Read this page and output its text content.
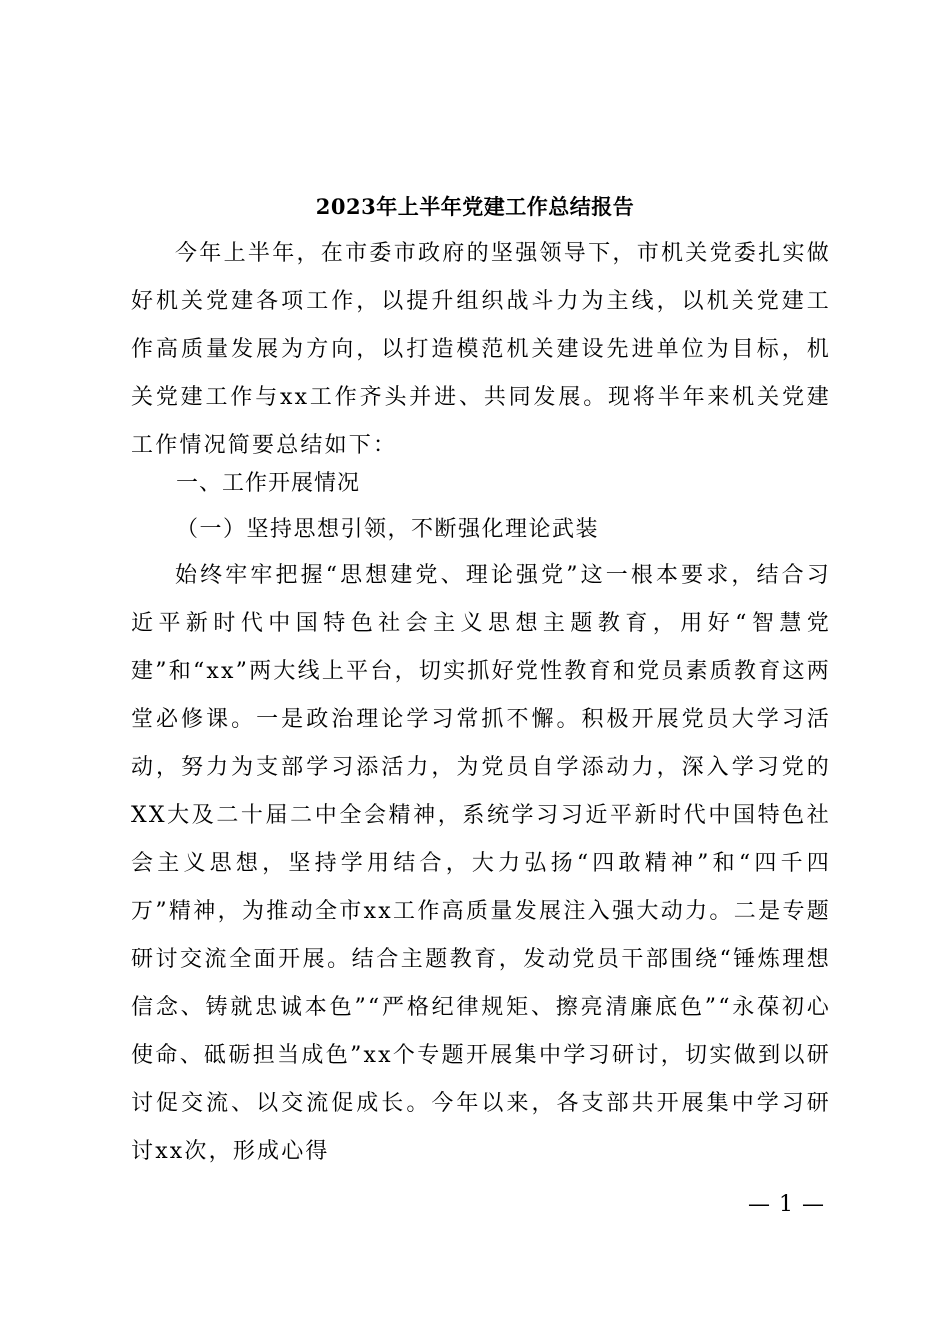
2023年上半年党建工作总结报告
今年上半年，在市委市政府的坚强领导下，市机关党委扎实做好机关党建各项工作，以提升组织战斗力为主线，以机关党建工作高质量发展为方向，以打造模范机关建设先进单位为目标，机关党建工作与xx工作齐头并进、共同发展。现将半年来机关党建工作情况简要总结如下：
一、工作开展情况
（一）坚持思想引领，不断强化理论武装
始终牢牢把握“思想建党、理论强党”这一根本要求，结合习近平新时代中国特色社会主义思想主题教育，用好“智慧党建”和“xx”两大线上平台，切实抓好党性教育和党员素质教育这两堂必修课。一是政治理论学习常抓不懈。积极开展党员大学习活动，努力为支部学习添活力，为党员自学添动力，深入学习党的XX大及二十届二中全会精神，系统学习习近平新时代中国特色社会主义思想，坚持学用结合，大力弘扬“四敢精神”和“四千四万”精神，为推动全市xx工作高质量发展注入强大动力。二是专题研讨交流全面开展。结合主题教育，发动党员干部围绕“锤炼理想信念、铸就忠诚本色”“严格纪律规矩、擦亮清廉底色”“永葆初心使命、砥砺担当成色”xx个专题开展集中学习研讨，切实做到以研讨促交流、以交流促成长。今年以来，各支部共开展集中学习研讨xx次，形成心得
— 1 —
